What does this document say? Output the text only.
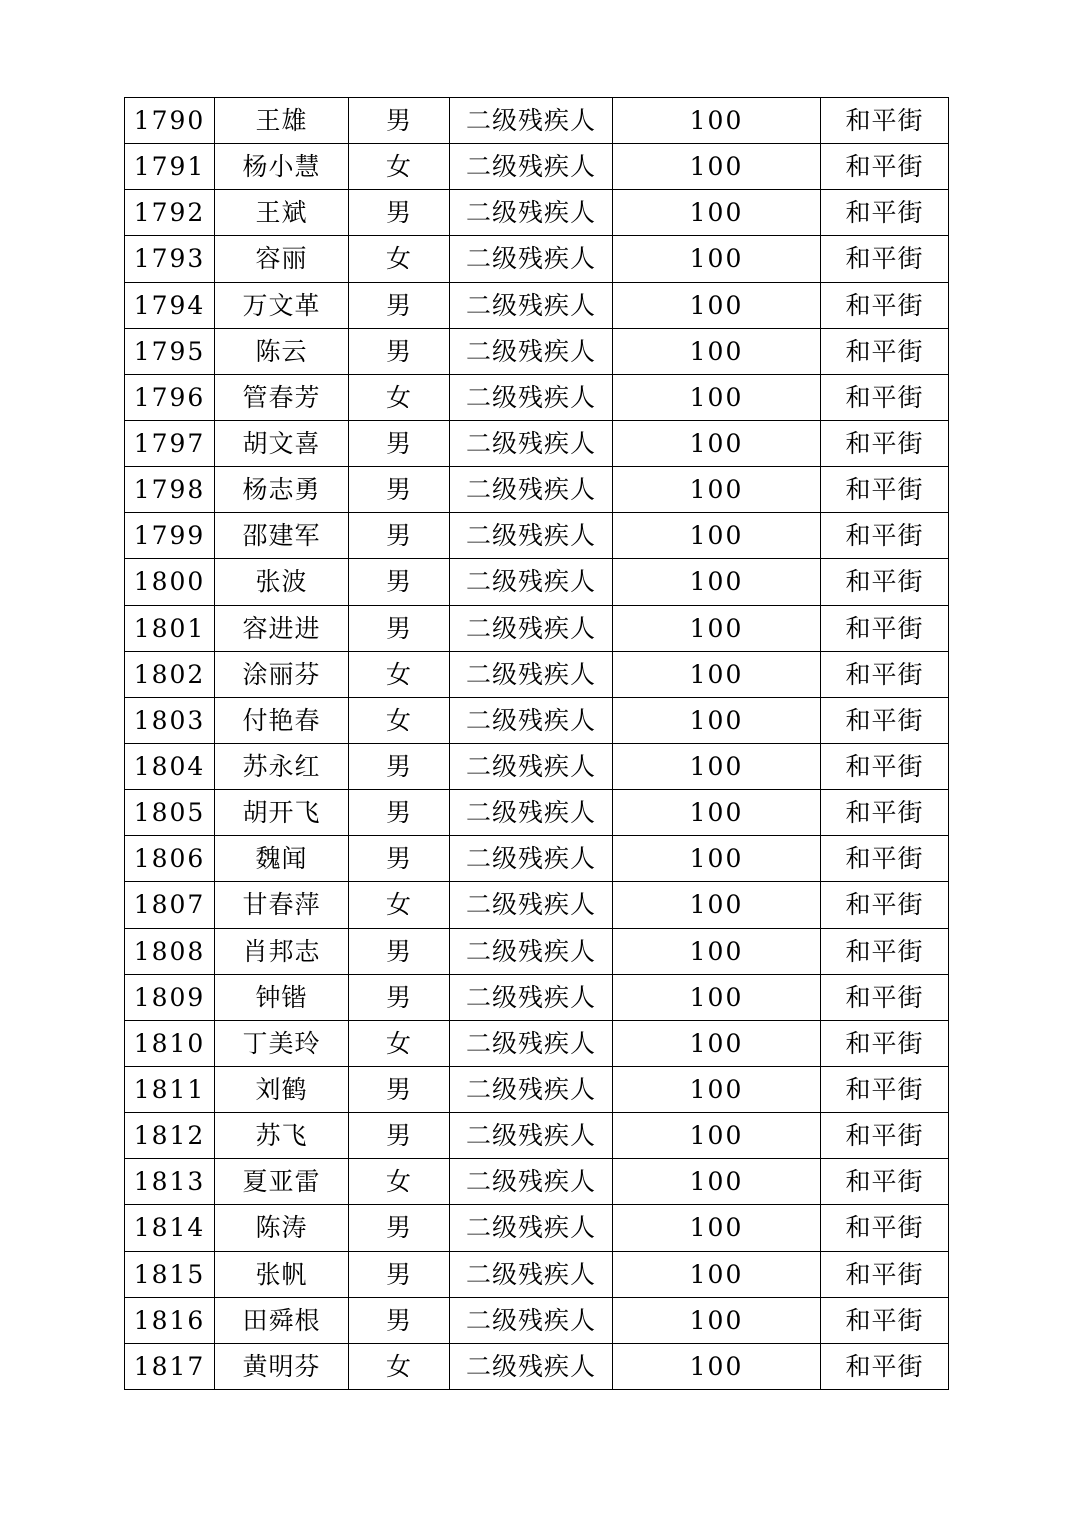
1790	王雄	男	二级残疾人	100	和平街
1791	杨小慧	女	二级残疾人	100	和平街
1792	王斌	男	二级残疾人	100	和平街
1793	容丽	女	二级残疾人	100	和平街
1794	万文革	男	二级残疾人	100	和平街
1795	陈云	男	二级残疾人	100	和平街
1796	管春芳	女	二级残疾人	100	和平街
1797	胡文喜	男	二级残疾人	100	和平街
1798	杨志勇	男	二级残疾人	100	和平街
1799	邵建军	男	二级残疾人	100	和平街
1800	张波	男	二级残疾人	100	和平街
1801	容进进	男	二级残疾人	100	和平街
1802	涂丽芬	女	二级残疾人	100	和平街
1803	付艳春	女	二级残疾人	100	和平街
1804	苏永红	男	二级残疾人	100	和平街
1805	胡开飞	男	二级残疾人	100	和平街
1806	魏闻	男	二级残疾人	100	和平街
1807	甘春萍	女	二级残疾人	100	和平街
1808	肖邦志	男	二级残疾人	100	和平街
1809	钟锴	男	二级残疾人	100	和平街
1810	丁美玲	女	二级残疾人	100	和平街
1811	刘鹤	男	二级残疾人	100	和平街
1812	苏飞	男	二级残疾人	100	和平街
1813	夏亚雷	女	二级残疾人	100	和平街
1814	陈涛	男	二级残疾人	100	和平街
1815	张帆	男	二级残疾人	100	和平街
1816	田舜根	男	二级残疾人	100	和平街
1817	黄明芬	女	二级残疾人	100	和平街
